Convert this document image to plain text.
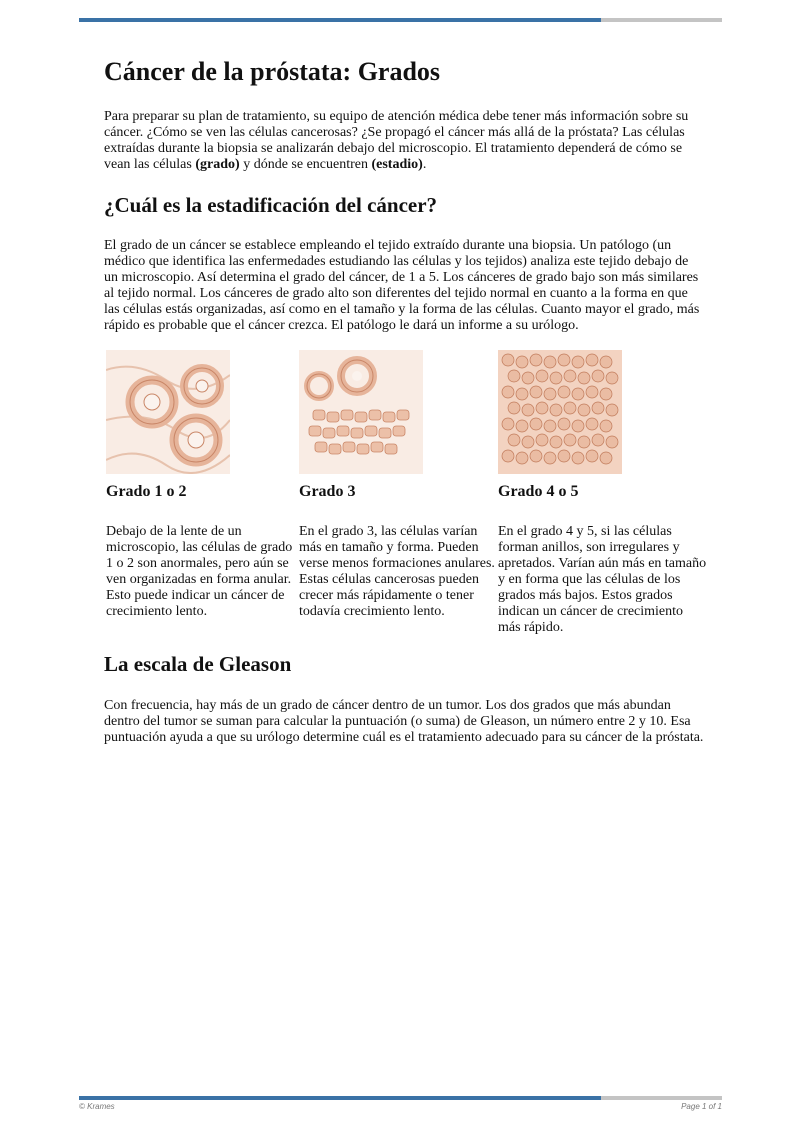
Cáncer de la próstata: Grados

Para preparar su plan de tratamiento, su equipo de atención médica debe tener más información sobre su cáncer. ¿Cómo se ven las células cancerosas? ¿Se propagó el cáncer más allá de la próstata? Las células extraídas durante la biopsia se analizarán debajo del microscopio. El tratamiento dependerá de cómo se vean las células (grado) y dónde se encuentren (estadio).

¿Cuál es la estadificación del cáncer?

El grado de un cáncer se establece empleando el tejido extraído durante una biopsia. Un patólogo (un médico que identifica las enfermedades estudiando las células y los tejidos) analiza este tejido debajo de un microscopio. Así determina el grado del cáncer, de 1 a 5. Los cánceres de grado bajo son más similares al tejido normal. Los cánceres de grado alto son diferentes del tejido normal en cuanto a la forma en que las células estás organizadas, así como en el tamaño y la forma de las células. Cuanto mayor el grado, más rápido es probable que el cáncer crezca. El patólogo le dará un informe a su urólogo.

Grado 1 o 2

Debajo de la lente de un microscopio, las células de grado 1 o 2 son anormales, pero aún se ven organizadas en forma anular. Esto puede indicar un cáncer de crecimiento lento.

Grado 3

En el grado 3, las células varían más en tamaño y forma. Pueden verse menos formaciones anulares. Estas células cancerosas pueden crecer más rápidamente o tener todavía crecimiento lento.

Grado 4 o 5

En el grado 4 y 5, si las células forman anillos, son irregulares y apretados. Varían aún más en tamaño y en forma que las células de los grados más bajos. Estos grados indican un cáncer de crecimiento más rápido.

La escala de Gleason

Con frecuencia, hay más de un grado de cáncer dentro de un tumor. Los dos grados que más abundan dentro del tumor se suman para calcular la puntuación (o suma) de Gleason, un número entre 2 y 10. Esa puntuación ayuda a que su urólogo determine cuál es el tratamiento adecuado para su cáncer de la próstata.

© Krames	Page 1 of 1
